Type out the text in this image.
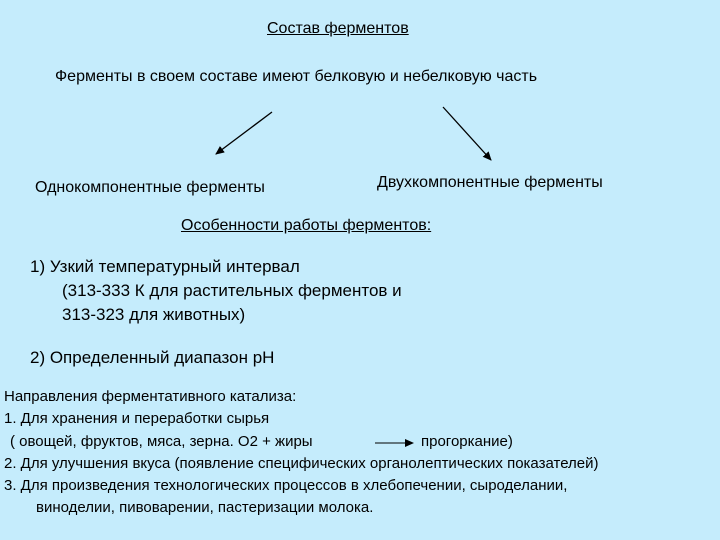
Состав ферментов
Ферменты в своем составе имеют белковую и небелковую часть
Однокомпонентные ферменты	Двухкомпонентные ферменты
Особенности работы ферментов:
1) Узкий температурный интервал
(313-333 К для растительных ферментов и
313-323 для животных)
2) Определенный диапазон рН
Направления ферментативного катализа:
1. Для хранения и переработки сырья
( овощей, фруктов, мяса, зерна. О2 + жиры	прогоркание)
2. Для улучшения вкуса (появление специфических органолептических показателей)
3. Для произведения технологических процессов в хлебопечении, сыроделании,
виноделии, пивоварении, пастеризации молока.
